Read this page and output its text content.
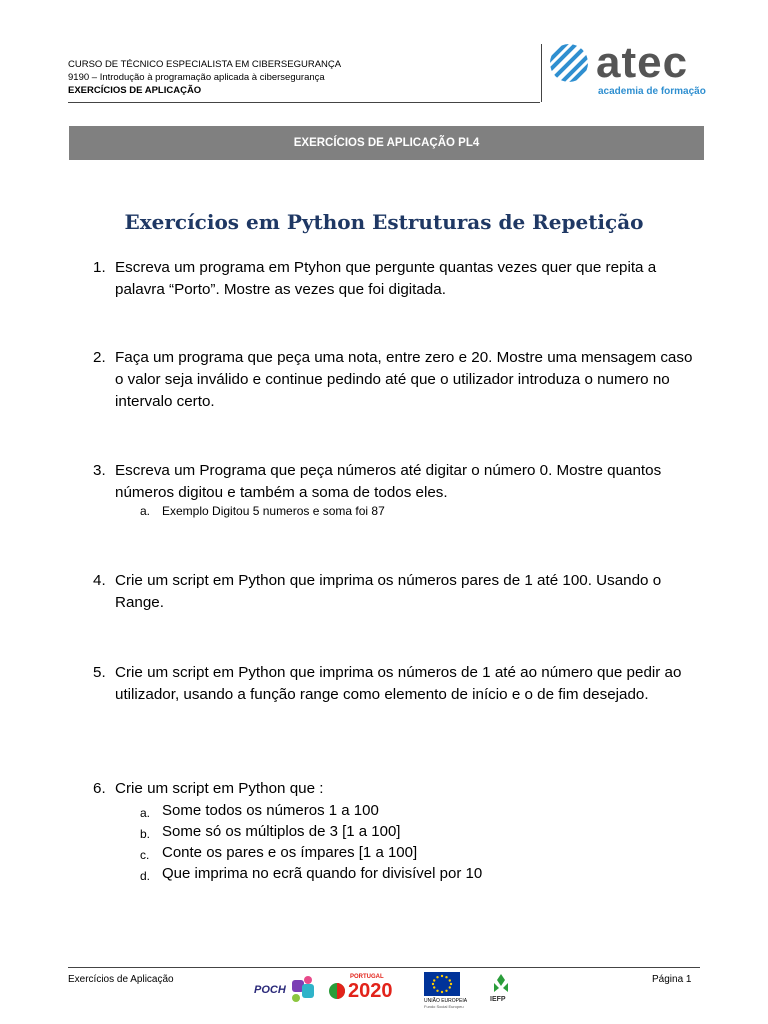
CURSO DE TÉCNICO ESPECIALISTA EM CIBERSEGURANÇA
9190 – Introdução à programação aplicada à cibersegurança
EXERCÍCIOS DE APLICAÇÃO
atec
academia de formação
EXERCÍCIOS DE APLICAÇÃO PL4
Exercícios em Python Estruturas de Repetição
1. Escreva um programa em Ptyhon que pergunte quantas vezes quer que repita a palavra “Porto”. Mostre as vezes que foi digitada.
2. Faça um programa que peça uma nota, entre zero e 20. Mostre uma mensagem caso o valor seja inválido e continue pedindo até que o utilizador introduza o numero no intervalo certo.
3. Escreva um Programa que peça números até digitar o número 0. Mostre quantos números digitou e também a soma de todos eles.
a. Exemplo Digitou 5 numeros e soma foi 87
4. Crie um script em Python que imprima os números pares de 1 até 100. Usando o Range.
5. Crie um script em Python que imprima os números de 1 até ao número que pedir ao utilizador, usando a função range como elemento de início e o de fim desejado.
6. Crie um script em Python que :
a. Some todos os números 1 a 100
b. Some só os múltiplos de 3 [1 a 100]
c. Conte os pares e os ímpares [1 a 100]
d. Que imprima no ecrã quando for divisível por 10
Exercícios de Aplicação	Página 1
POCH
PORTUGAL
2020	UNIÃO EUROPEIA
Fundo Social Europeu
IEFP
